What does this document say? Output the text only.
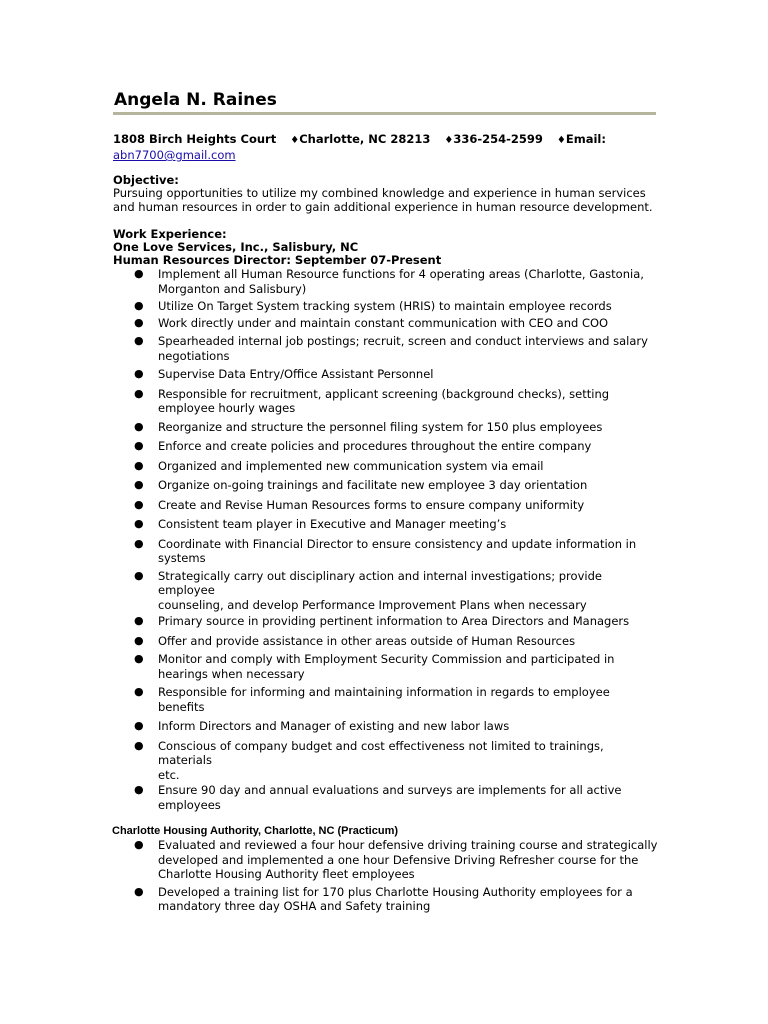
Angela N. Raines
1808 Birch Heights Court ♦Charlotte, NC 28213 ♦336-254-2599 ♦Email:
abn7700@gmail.com
Objective:
Pursuing opportunities to utilize my combined knowledge and experience in human services
and human resources in order to gain additional experience in human resource development.
Work Experience:
One Love Services, Inc., Salisbury, NC
Human Resources Director: September 07-Present
● Implement all Human Resource functions for 4 operating areas (Charlotte, Gastonia,
Morganton and Salisbury)
● Utilize On Target System tracking system (HRIS) to maintain employee records
● Work directly under and maintain constant communication with CEO and COO
● Spearheaded internal job postings; recruit, screen and conduct interviews and salary
negotiations
● Supervise Data Entry/Office Assistant Personnel
● Responsible for recruitment, applicant screening (background checks), setting
employee hourly wages
● Reorganize and structure the personnel filing system for 150 plus employees
● Enforce and create policies and procedures throughout the entire company
● Organized and implemented new communication system via email
● Organize on-going trainings and facilitate new employee 3 day orientation
● Create and Revise Human Resources forms to ensure company uniformity
● Consistent team player in Executive and Manager meeting’s
● Coordinate with Financial Director to ensure consistency and update information in
systems
● Strategically carry out disciplinary action and internal investigations; provide employee
counseling, and develop Performance Improvement Plans when necessary
● Primary source in providing pertinent information to Area Directors and Managers
● Offer and provide assistance in other areas outside of Human Resources
● Monitor and comply with Employment Security Commission and participated in
hearings when necessary
● Responsible for informing and maintaining information in regards to employee benefits
● Inform Directors and Manager of existing and new labor laws
● Conscious of company budget and cost effectiveness not limited to trainings, materials
etc.
● Ensure 90 day and annual evaluations and surveys are implements for all active
employees
Charlotte Housing Authority, Charlotte, NC (Practicum)
● Evaluated and reviewed a four hour defensive driving training course and strategically
developed and implemented a one hour Defensive Driving Refresher course for the
Charlotte Housing Authority fleet employees
● Developed a training list for 170 plus Charlotte Housing Authority employees for a
mandatory three day OSHA and Safety training
